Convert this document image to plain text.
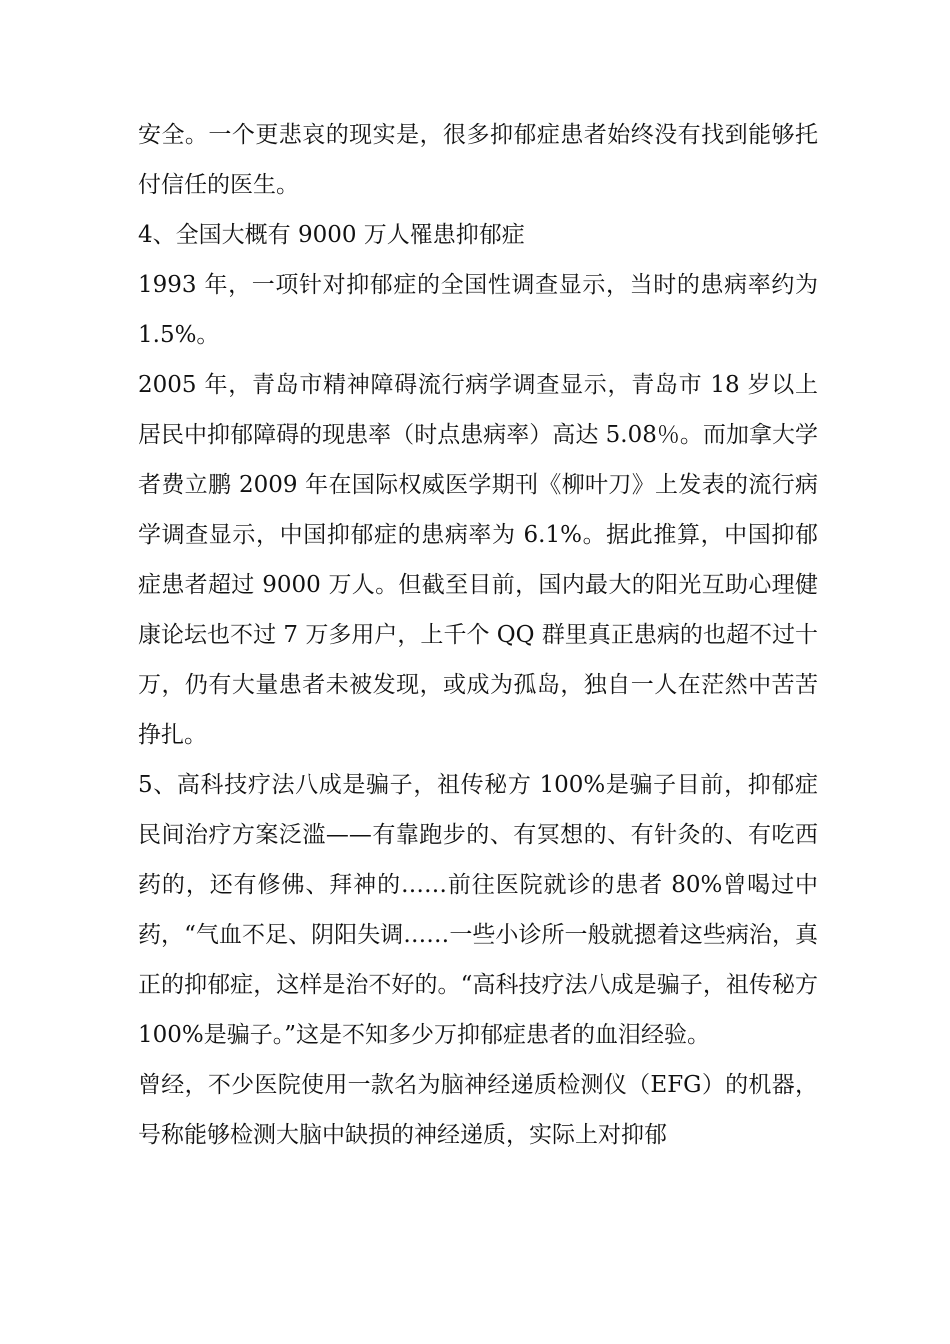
安全。一个更悲哀的现实是，很多抑郁症患者始终没有找到能够托付信任的医生。

4、全国大概有 9000 万人罹患抑郁症

1993 年，一项针对抑郁症的全国性调查显示，当时的患病率约为 1.5%。

2005 年，青岛市精神障碍流行病学调查显示，青岛市 18 岁以上居民中抑郁障碍的现患率（时点患病率）高达 5.08％。而加拿大学者费立鹏 2009 年在国际权威医学期刊《柳叶刀》上发表的流行病学调查显示，中国抑郁症的患病率为 6.1%。据此推算，中国抑郁症患者超过 9000 万人。但截至目前，国内最大的阳光互助心理健康论坛也不过 7 万多用户，上千个 QQ 群里真正患病的也超不过十万，仍有大量患者未被发现，或成为孤岛，独自一人在茫然中苦苦挣扎。

5、高科技疗法八成是骗子，祖传秘方 100%是骗子目前，抑郁症民间治疗方案泛滥——有靠跑步的、有冥想的、有针灸的、有吃西药的，还有修佛、拜神的……前往医院就诊的患者 80%曾喝过中药，“气血不足、阴阳失调……一些小诊所一般就摁着这些病治，真正的抑郁症，这样是治不好的。“高科技疗法八成是骗子，祖传秘方 100%是骗子。”这是不知多少万抑郁症患者的血泪经验。

曾经，不少医院使用一款名为脑神经递质检测仪（EFG）的机器，号称能够检测大脑中缺损的神经递质，实际上对抑郁
